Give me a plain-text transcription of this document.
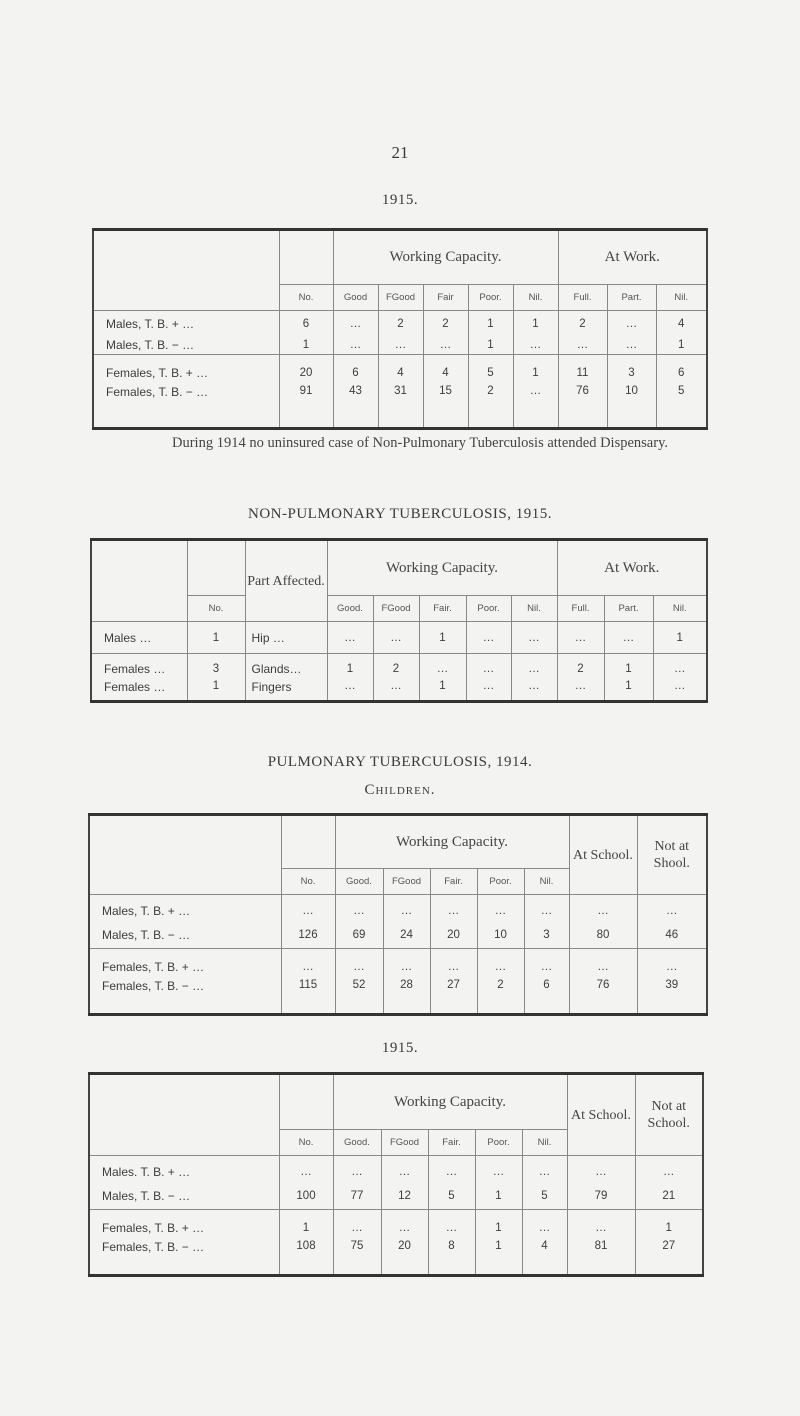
21
1915.
		Working Capacity.					At Work.		
	No.	Good	FGood	Fair	Poor.	Nil.	Full.	Part.	Nil.
Males, T. B. + …	6	…	2	2	1	1	2	…	4
Males, T. B. − …	1	…	…	…	1	…	…	…	1
Females, T. B. + …	20	6	4	4	5	1	11	3	6
Females, T. B. − …	91	43	31	15	2	…	76	10	5
During 1914 no uninsured case of Non-Pulmonary Tuberculosis attended Dispensary.
NON-PULMONARY TUBERCULOSIS, 1915.
		Part Affected.	Working Capacity.					At Work.		
	No.		Good.	FGood	Fair.	Poor.	Nil.	Full.	Part.	Nil.
Males …	1	Hip …	…	…	1	…	…	…	…	1
Females …	3	Glands…	1	2	…	…	…	2	1	…
Females …	1	Fingers	…	…	1	…	…	…	1	…
PULMONARY TUBERCULOSIS, 1914.
Children.
		Working Capacity.					At School.	Not at Shool.
	No.	Good.	FGood	Fair.	Poor.	Nil.		
Males, T. B. + …	…	…	…	…	…	…	…	…
Males, T. B. − …	126	69	24	20	10	3	80	46
Females, T. B. + …	…	…	…	…	…	…	…	…
Females, T. B. − …	115	52	28	27	2	6	76	39
1915.
		Working Capacity.					At School.	Not at School.
	No.	Good.	FGood	Fair.	Poor.	Nil.		
Males. T. B. + …	…	…	…	…	…	…	…	…
Males, T. B. − …	100	77	12	5	1	5	79	21
Females, T. B. + …	1	…	…	…	1	…	…	1
Females, T. B. − …	108	75	20	8	1	4	81	27
